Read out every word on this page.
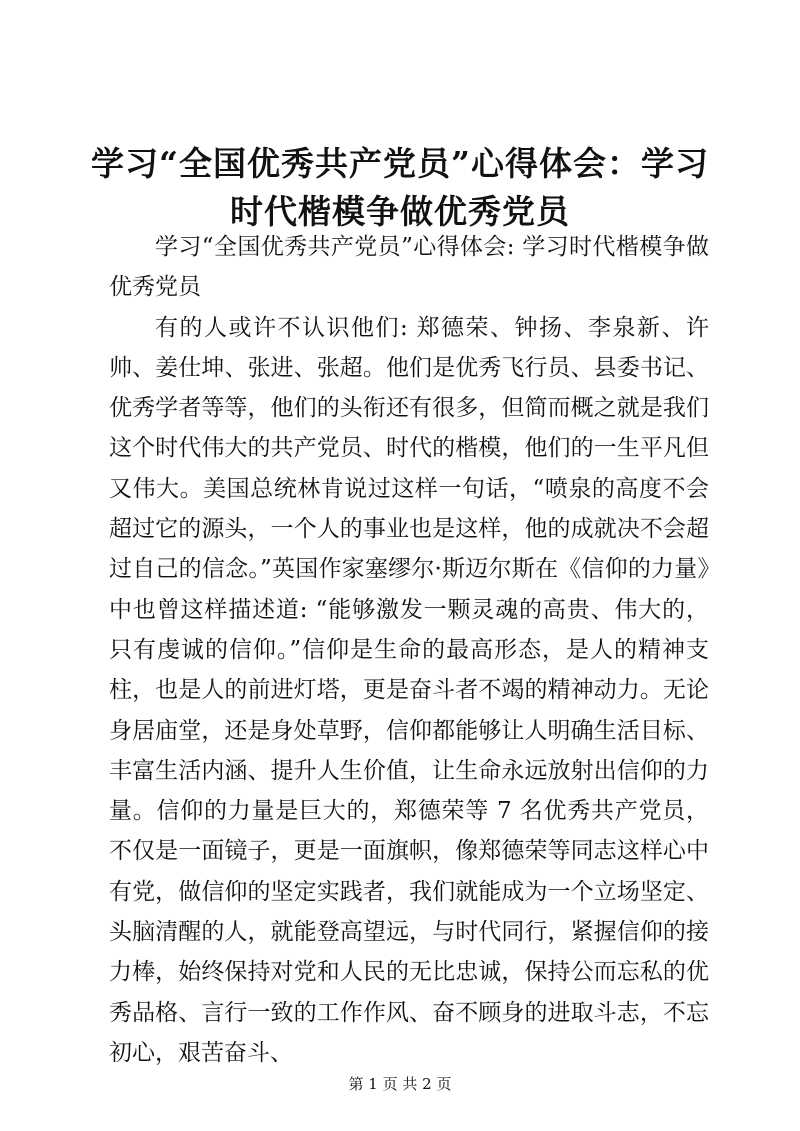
学习“全国优秀共产党员”心得体会：学习时代楷模争做优秀党员

学习“全国优秀共产党员”心得体会: 学习时代楷模争做优秀党员

有的人或许不认识他们: 郑德荣、钟扬、李泉新、许帅、姜仕坤、张进、张超。他们是优秀飞行员、县委书记、优秀学者等等，他们的头衔还有很多，但简而概之就是我们这个时代伟大的共产党员、时代的楷模，他们的一生平凡但又伟大。美国总统林肯说过这样一句话，“喷泉的高度不会超过它的源头，一个人的事业也是这样，他的成就决不会超过自己的信念。”英国作家塞缪尔·斯迈尔斯在《信仰的力量》中也曾这样描述道: “能够激发一颗灵魂的高贵、伟大的，只有虔诚的信仰。”信仰是生命的最高形态，是人的精神支柱，也是人的前进灯塔，更是奋斗者不竭的精神动力。无论身居庙堂，还是身处草野，信仰都能够让人明确生活目标、丰富生活内涵、提升人生价值，让生命永远放射出信仰的力量。信仰的力量是巨大的，郑德荣等 7 名优秀共产党员，不仅是一面镜子，更是一面旗帜，像郑德荣等同志这样心中有党，做信仰的坚定实践者，我们就能成为一个立场坚定、头脑清醒的人，就能登高望远，与时代同行，紧握信仰的接力棒，始终保持对党和人民的无比忠诚，保持公而忘私的优秀品格、言行一致的工作作风、奋不顾身的进取斗志，不忘初心，艰苦奋斗、

第 1 页 共 2 页
